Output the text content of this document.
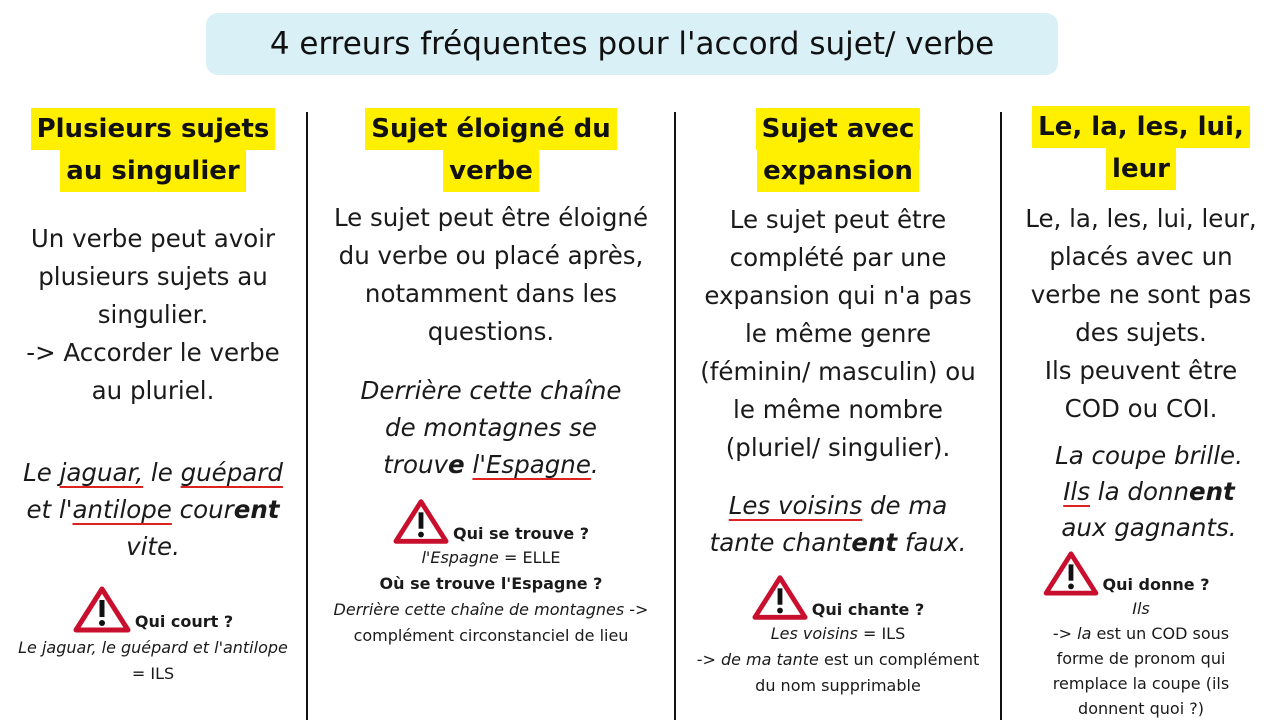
4 erreurs fréquentes pour l'accord sujet/ verbe
Plusieurs sujets
au singulier
Un verbe peut avoir
plusieurs sujets au
singulier.
-> Accorder le verbe
au pluriel.
Le jaguar, le guépard
et l'antilope courent
vite.
Qui court ?
Le jaguar, le guépard et l'antilope
= ILS
Sujet éloigné du
verbe
Le sujet peut être éloigné
du verbe ou placé après,
notamment dans les
questions.
Derrière cette chaîne
de montagnes se
trouve l'Espagne.
Qui se trouve ?
l'Espagne = ELLE
Où se trouve l'Espagne ?
Derrière cette chaîne de montagnes ->
complément circonstanciel de lieu
Sujet avec
expansion
Le sujet peut être
complété par une
expansion qui n'a pas
le même genre
(féminin/ masculin) ou
le même nombre
(pluriel/ singulier).
Les voisins de ma
tante chantent faux.
Qui chante ?
Les voisins = ILS
-> de ma tante est un complément
du nom supprimable
Le, la, les, lui,
leur
Le, la, les, lui, leur,
placés avec un
verbe ne sont pas
des sujets.
Ils peuvent être
COD ou COI.
La coupe brille.
Ils la donnent
aux gagnants.
Qui donne ?
Ils
-> la est un COD sous
forme de pronom qui
remplace la coupe (ils
donnent quoi ?)
